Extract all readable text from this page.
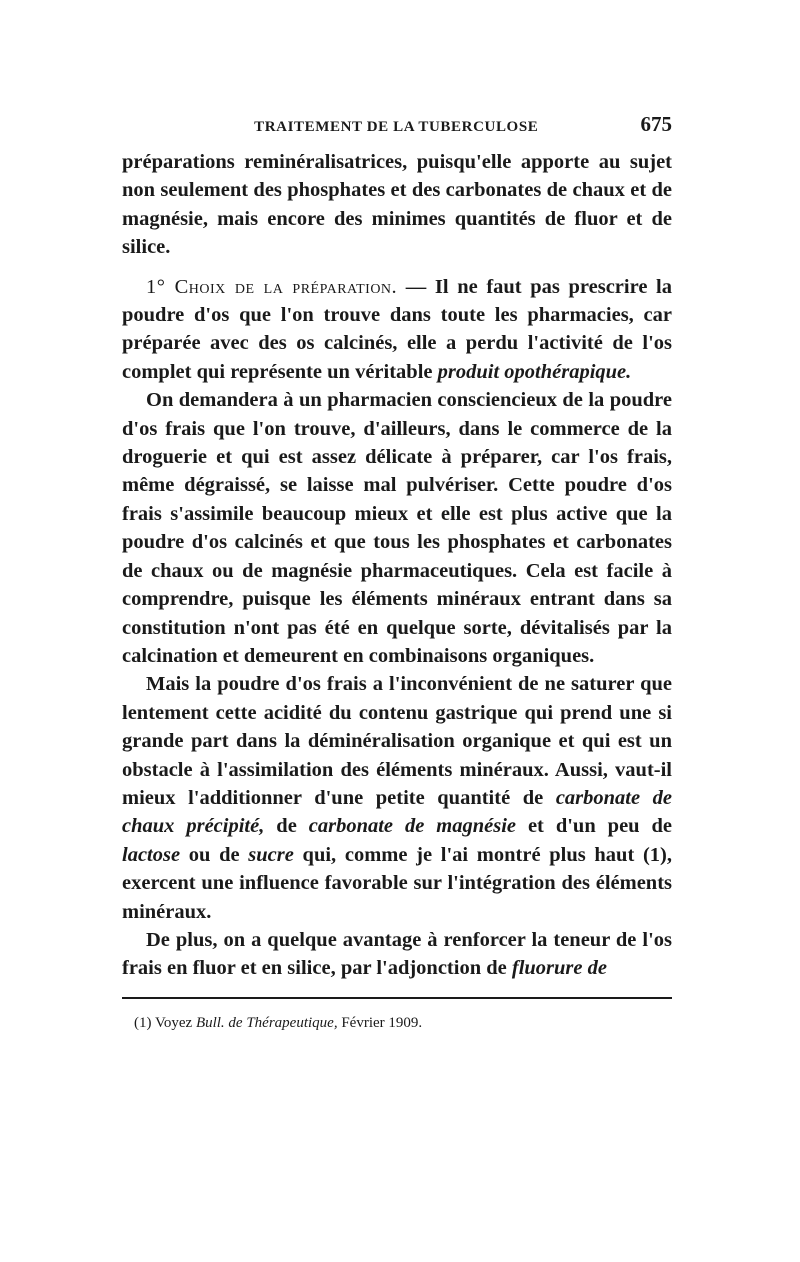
TRAITEMENT DE LA TUBERCULOSE	675

préparations reminéralisatrices, puisqu'elle apporte au sujet non seulement des phosphates et des carbonates de chaux et de magnésie, mais encore des minimes quantités de fluor et de silice.

1° Choix de la préparation. — Il ne faut pas prescrire la poudre d'os que l'on trouve dans toute les pharmacies, car préparée avec des os calcinés, elle a perdu l'activité de l'os complet qui représente un véritable produit opothérapique.

On demandera à un pharmacien consciencieux de la poudre d'os frais que l'on trouve, d'ailleurs, dans le commerce de la droguerie et qui est assez délicate à préparer, car l'os frais, même dégraissé, se laisse mal pulvériser. Cette poudre d'os frais s'assimile beaucoup mieux et elle est plus active que la poudre d'os calcinés et que tous les phosphates et carbonates de chaux ou de magnésie pharmaceutiques. Cela est facile à comprendre, puisque les éléments minéraux entrant dans sa constitution n'ont pas été en quelque sorte, dévitalisés par la calcination et demeurent en combinaisons organiques.

Mais la poudre d'os frais a l'inconvénient de ne saturer que lentement cette acidité du contenu gastrique qui prend une si grande part dans la déminéralisation organique et qui est un obstacle à l'assimilation des éléments minéraux. Aussi, vaut-il mieux l'additionner d'une petite quantité de carbonate de chaux précipité, de carbonate de magnésie et d'un peu de lactose ou de sucre qui, comme je l'ai montré plus haut (1), exercent une influence favorable sur l'intégration des éléments minéraux.

De plus, on a quelque avantage à renforcer la teneur de l'os frais en fluor et en silice, par l'adjonction de fluorure de

(1) Voyez Bull. de Thérapeutique, Février 1909.
